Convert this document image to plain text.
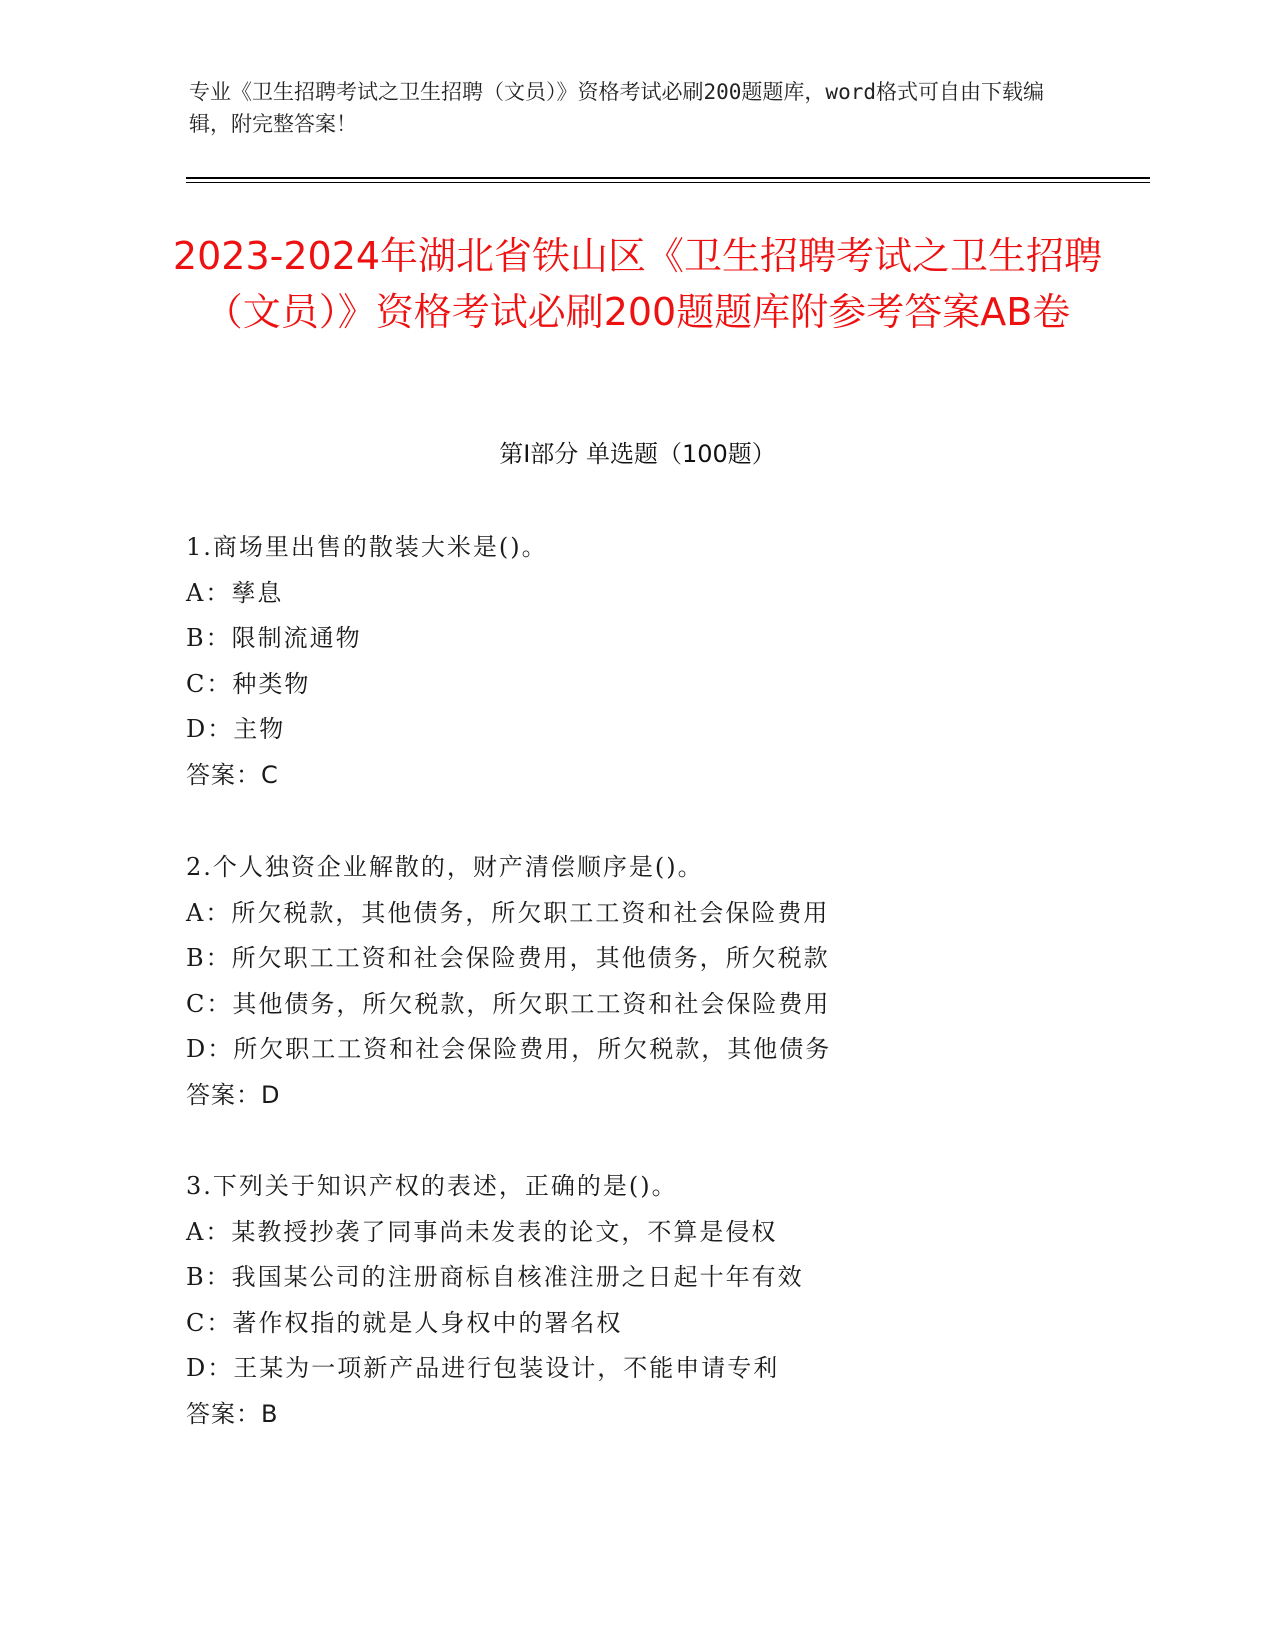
专业《卫生招聘考试之卫生招聘（文员）》资格考试必刷200题题库，word格式可自由下载编辑，附完整答案！
2023-2024年湖北省铁山区《卫生招聘考试之卫生招聘（文员）》资格考试必刷200题题库附参考答案AB卷
第Ⅰ部分 单选题（100题）
1.商场里出售的散装大米是()。
A：孳息
B：限制流通物
C：种类物
D：主物
答案：C
2.个人独资企业解散的，财产清偿顺序是()。
A：所欠税款，其他债务，所欠职工工资和社会保险费用
B：所欠职工工资和社会保险费用，其他债务，所欠税款
C：其他债务，所欠税款，所欠职工工资和社会保险费用
D：所欠职工工资和社会保险费用，所欠税款，其他债务
答案：D
3.下列关于知识产权的表述，正确的是()。
A：某教授抄袭了同事尚未发表的论文，不算是侵权
B：我国某公司的注册商标自核准注册之日起十年有效
C：著作权指的就是人身权中的署名权
D：王某为一项新产品进行包装设计，不能申请专利
答案：B
